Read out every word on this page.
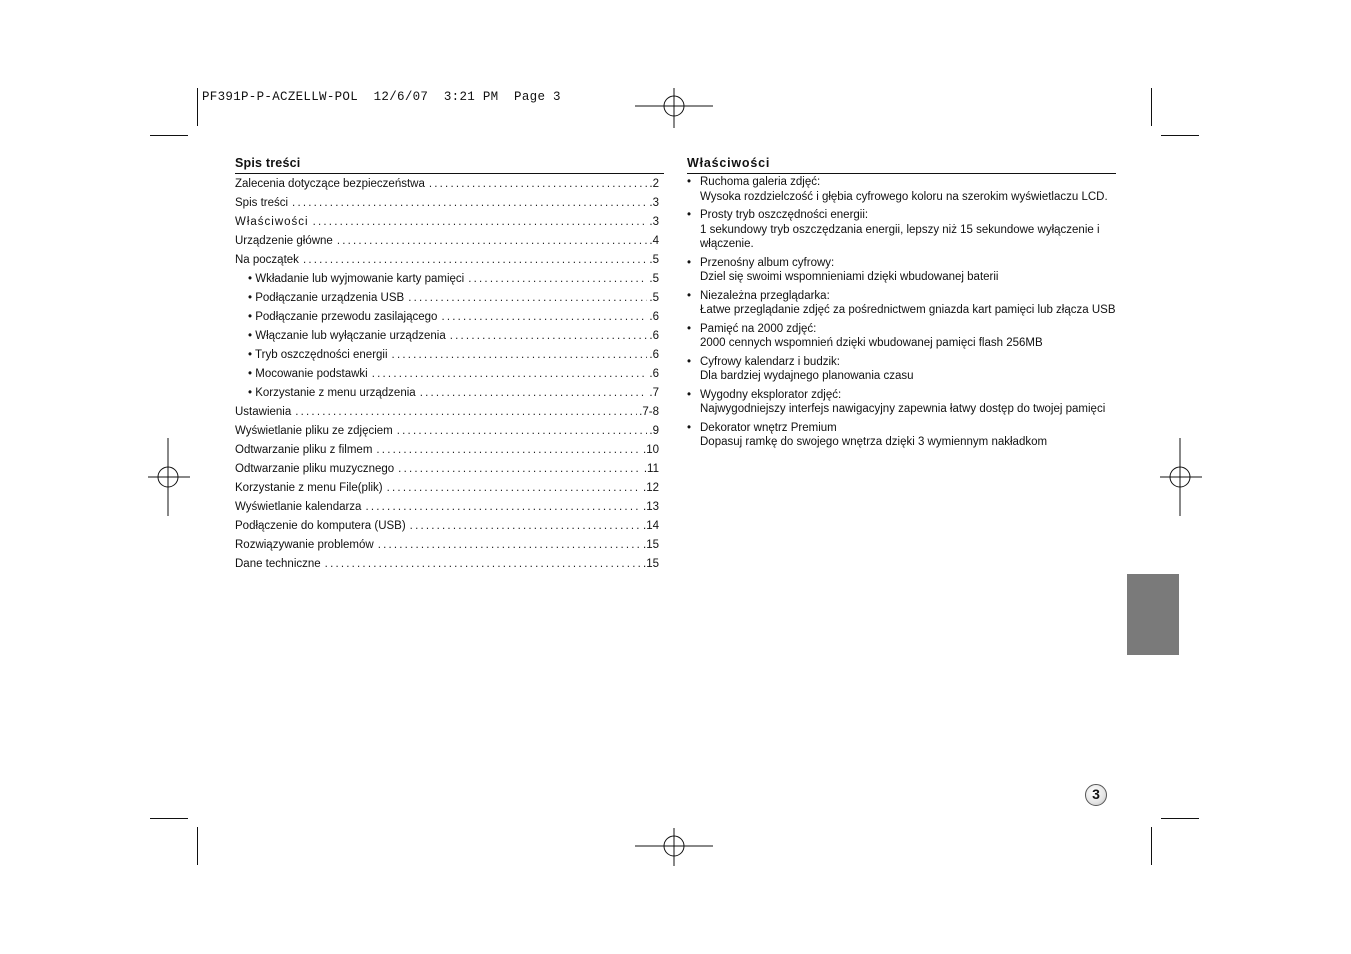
PF391P-P-ACZELLW-POL  12/6/07  3:21 PM  Page 3
Spis treści
Zalecenia dotyczące bezpieczeństwa .....	.2
Spis treści .....	.3
Właściwości .....	.3
Urządzenie główne .....	.4
Na początek .....	.5
• Wkładanie lub wyjmowanie karty pamięci .....	.5
• Podłączanie urządzenia USB .....	.5
• Podłączanie przewodu zasilającego .....	.6
• Włączanie lub wyłączanie urządzenia .....	.6
• Tryb oszczędności energii .....	.6
• Mocowanie podstawki .....	.6
• Korzystanie z menu urządzenia .....	.7
Ustawienia .....	.7-8
Wyświetlanie pliku ze zdjęciem .....	.9
Odtwarzanie pliku z filmem .....	.10
Odtwarzanie pliku muzycznego .....	.11
Korzystanie z menu File(plik) .....	.12
Wyświetlanie kalendarza .....	.13
Podłączenie do komputera (USB) .....	.14
Rozwiązywanie problemów .....	.15
Dane techniczne .....	.15
Właściwości
• Ruchoma galeria zdjęć:
Wysoka rozdzielczość i głębia cyfrowego koloru na szerokim wyświetlaczu LCD.
• Prosty tryb oszczędności energii:
1 sekundowy tryb oszczędzania energii, lepszy niż 15 sekundowe wyłączenie i włączenie.
• Przenośny album cyfrowy:
Dziel się swoimi wspomnieniami dzięki wbudowanej baterii
• Niezależna przeglądarka:
Łatwe przeglądanie zdjęć za pośrednictwem gniazda kart pamięci lub złącza USB
• Pamięć na 2000 zdjęć:
2000 cennych wspomnień dzięki wbudowanej pamięci flash 256MB
• Cyfrowy kalendarz i budzik:
Dla bardziej wydajnego planowania czasu
• Wygodny eksplorator zdjęć:
Najwygodniejszy interfejs nawigacyjny zapewnia łatwy dostęp do twojej pamięci
• Dekorator wnętrz Premium
Dopasuj ramkę do swojego wnętrza dzięki 3 wymiennym nakładkom
3
